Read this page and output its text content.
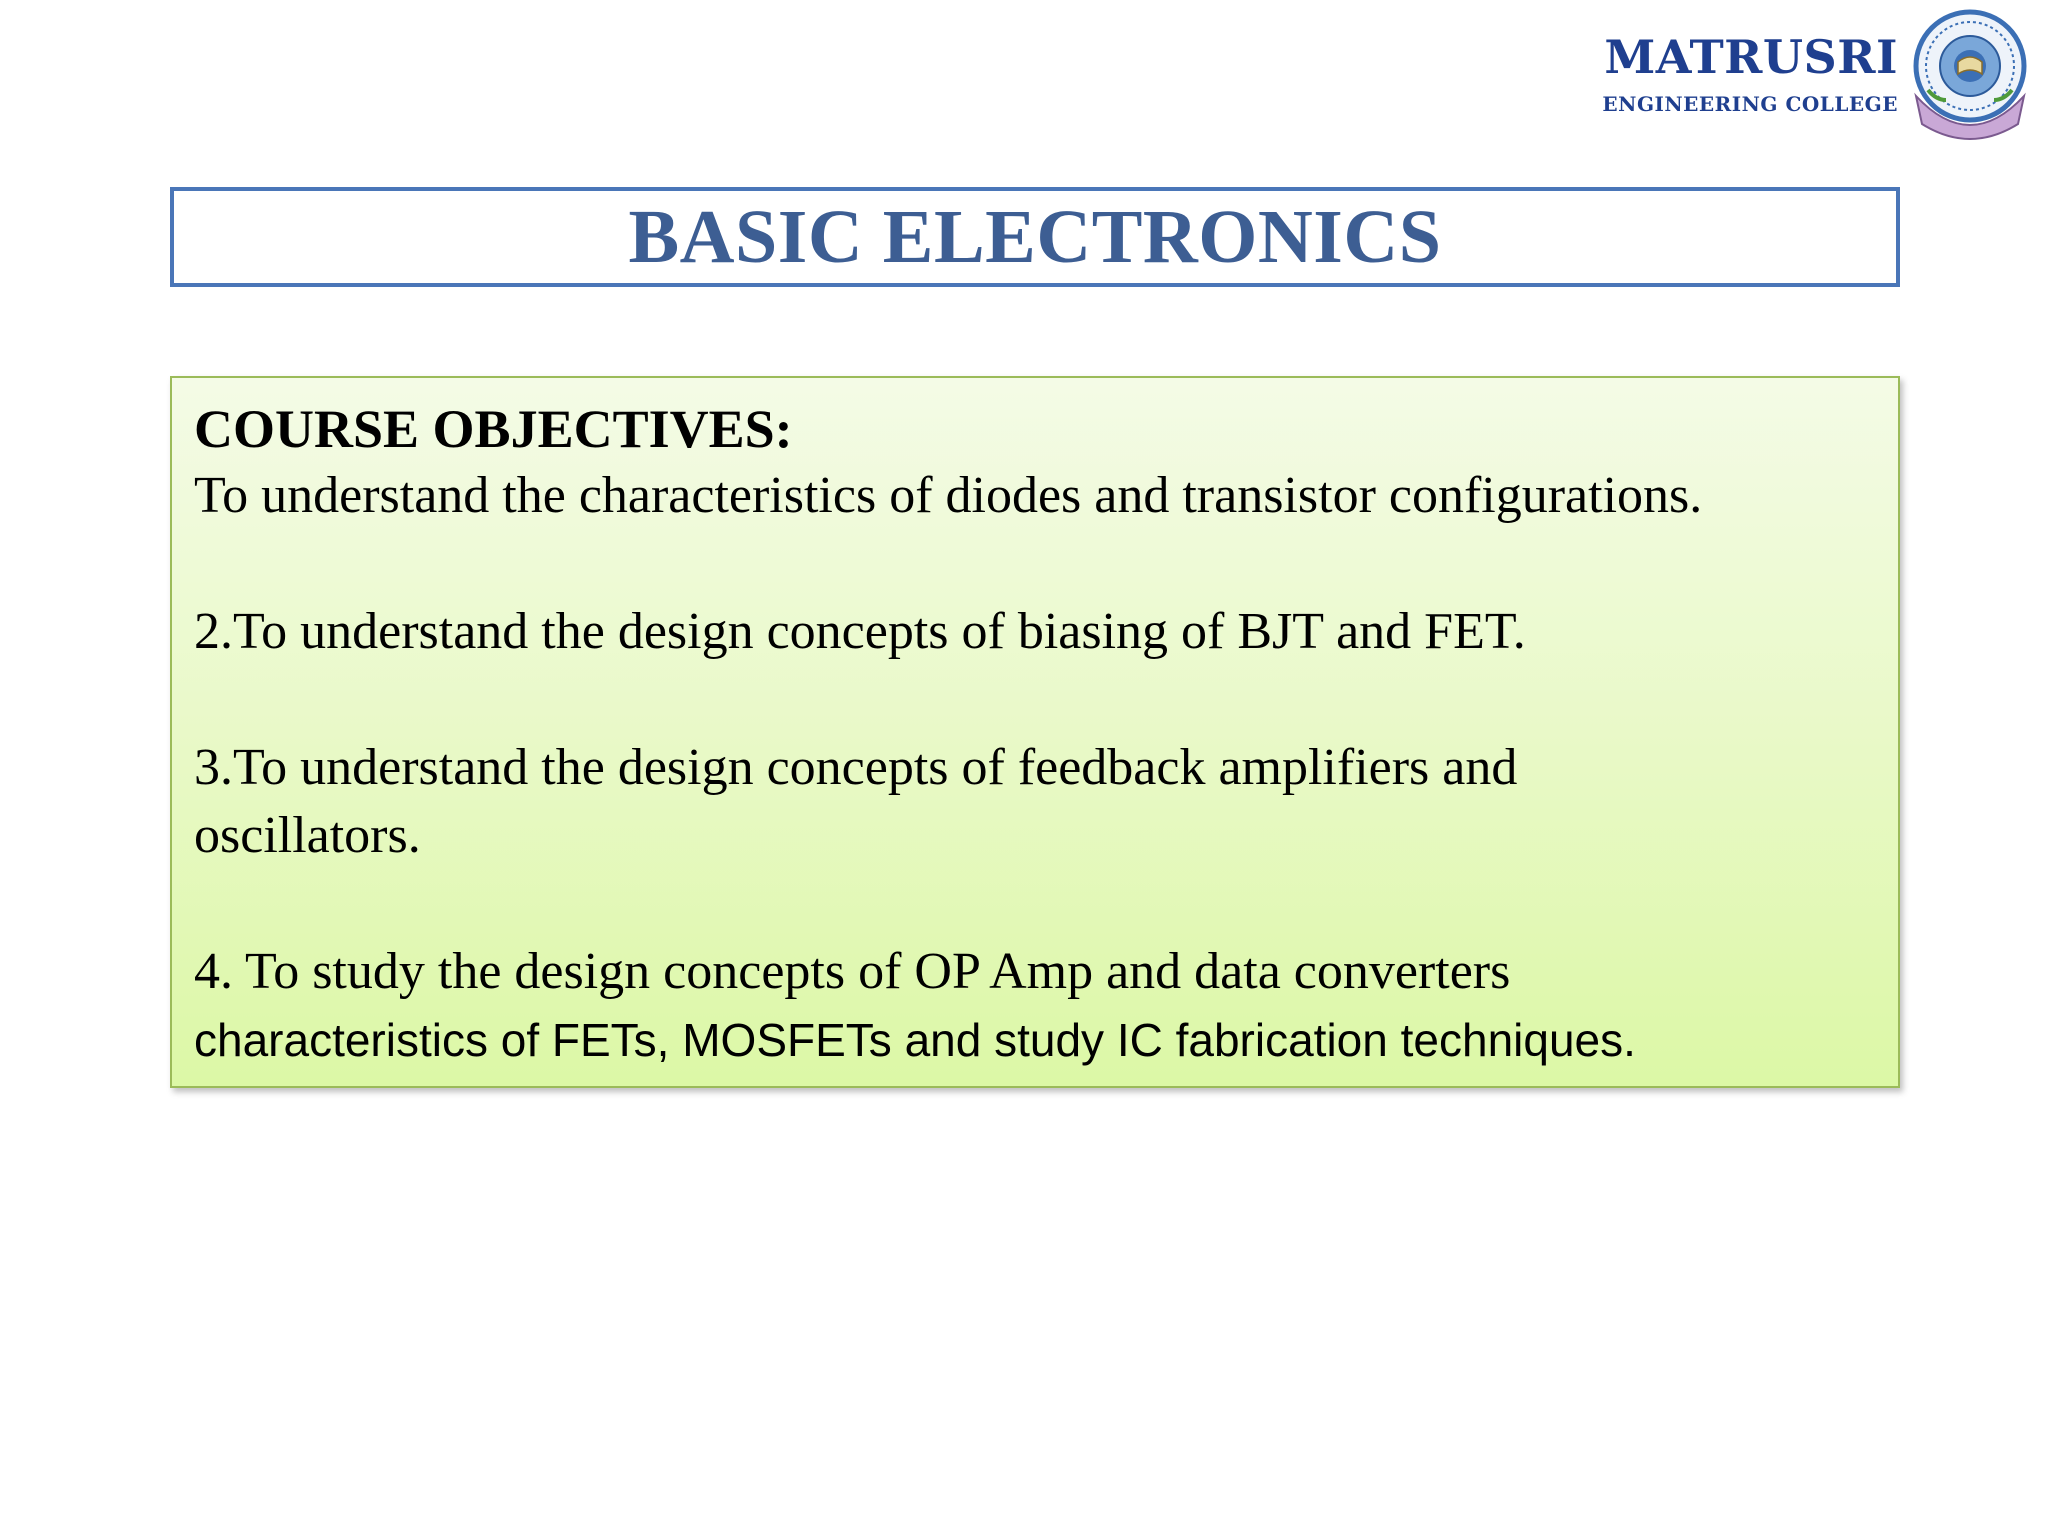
MATRUSRI
ENGINEERING COLLEGE
BASIC ELECTRONICS

COURSE OBJECTIVES:

To understand the characteristics of diodes and transistor configurations.

2.To understand the design concepts of biasing of BJT and FET.

3.To understand the design concepts of feedback amplifiers and

oscillators.

4. To study the design concepts of OP Amp and data converters

characteristics of FETs, MOSFETs and study IC fabrication techniques.
